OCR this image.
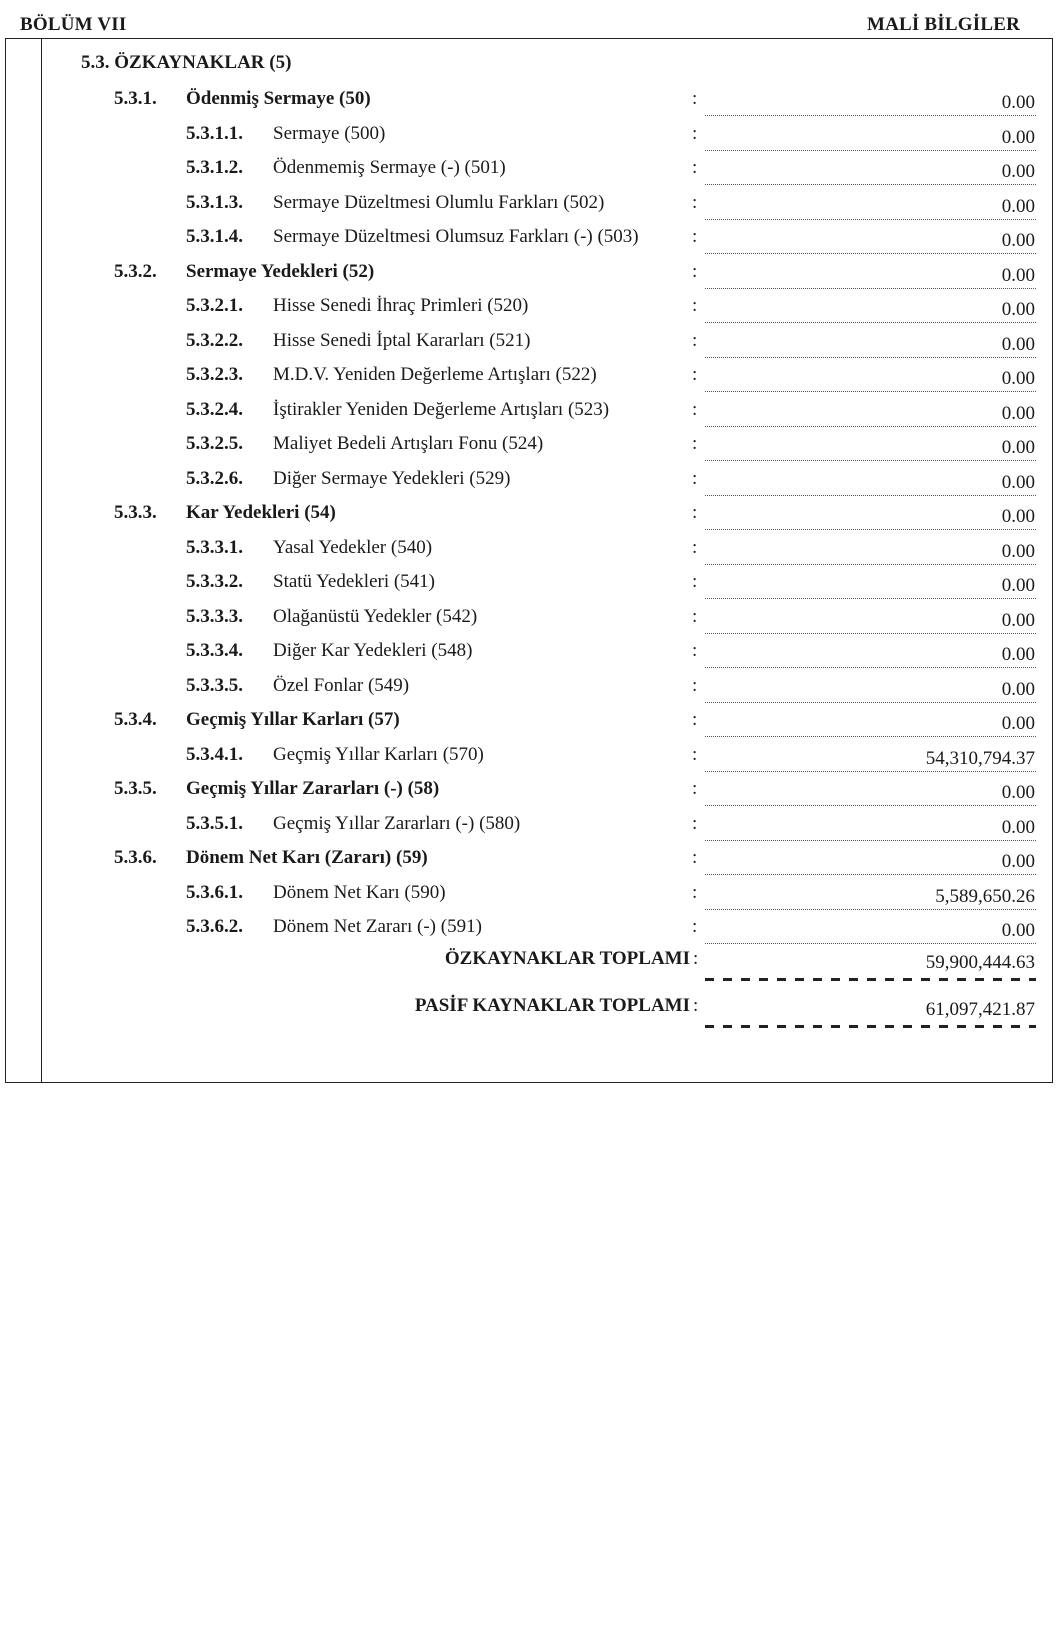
BÖLÜM VII	MALİ BİLGİLER
5.3. ÖZKAYNAKLAR (5)
5.3.1. Ödenmiş Sermaye (50)	:	0.00
5.3.1.1. Sermaye (500)	:	0.00
5.3.1.2. Ödenmemiş Sermaye (-) (501)	:	0.00
5.3.1.3. Sermaye Düzeltmesi Olumlu Farkları (502)	:	0.00
5.3.1.4. Sermaye Düzeltmesi Olumsuz Farkları (-) (503)	:	0.00
5.3.2. Sermaye Yedekleri (52)	:	0.00
5.3.2.1. Hisse Senedi İhraç Primleri (520)	:	0.00
5.3.2.2. Hisse Senedi İptal Kararları (521)	:	0.00
5.3.2.3. M.D.V. Yeniden Değerleme Artışları (522)	:	0.00
5.3.2.4. İştirakler Yeniden Değerleme Artışları (523)	:	0.00
5.3.2.5. Maliyet Bedeli Artışları Fonu (524)	:	0.00
5.3.2.6. Diğer Sermaye Yedekleri (529)	:	0.00
5.3.3. Kar Yedekleri (54)	:	0.00
5.3.3.1. Yasal Yedekler (540)	:	0.00
5.3.3.2. Statü Yedekleri (541)	:	0.00
5.3.3.3. Olağanüstü Yedekler (542)	:	0.00
5.3.3.4. Diğer Kar Yedekleri (548)	:	0.00
5.3.3.5. Özel Fonlar (549)	:	0.00
5.3.4. Geçmiş Yıllar Karları (57)	:	0.00
5.3.4.1. Geçmiş Yıllar Karları (570)	:	54,310,794.37
5.3.5. Geçmiş Yıllar Zararları (-) (58)	:	0.00
5.3.5.1. Geçmiş Yıllar Zararları (-) (580)	:	0.00
5.3.6. Dönem Net Karı (Zararı) (59)	:	0.00
5.3.6.1. Dönem Net Karı (590)	:	5,589,650.26
5.3.6.2. Dönem Net Zararı (-) (591)	:	0.00
ÖZKAYNAKLAR TOPLAMI :	59,900,444.63
PASİF KAYNAKLAR TOPLAMI :	61,097,421.87
